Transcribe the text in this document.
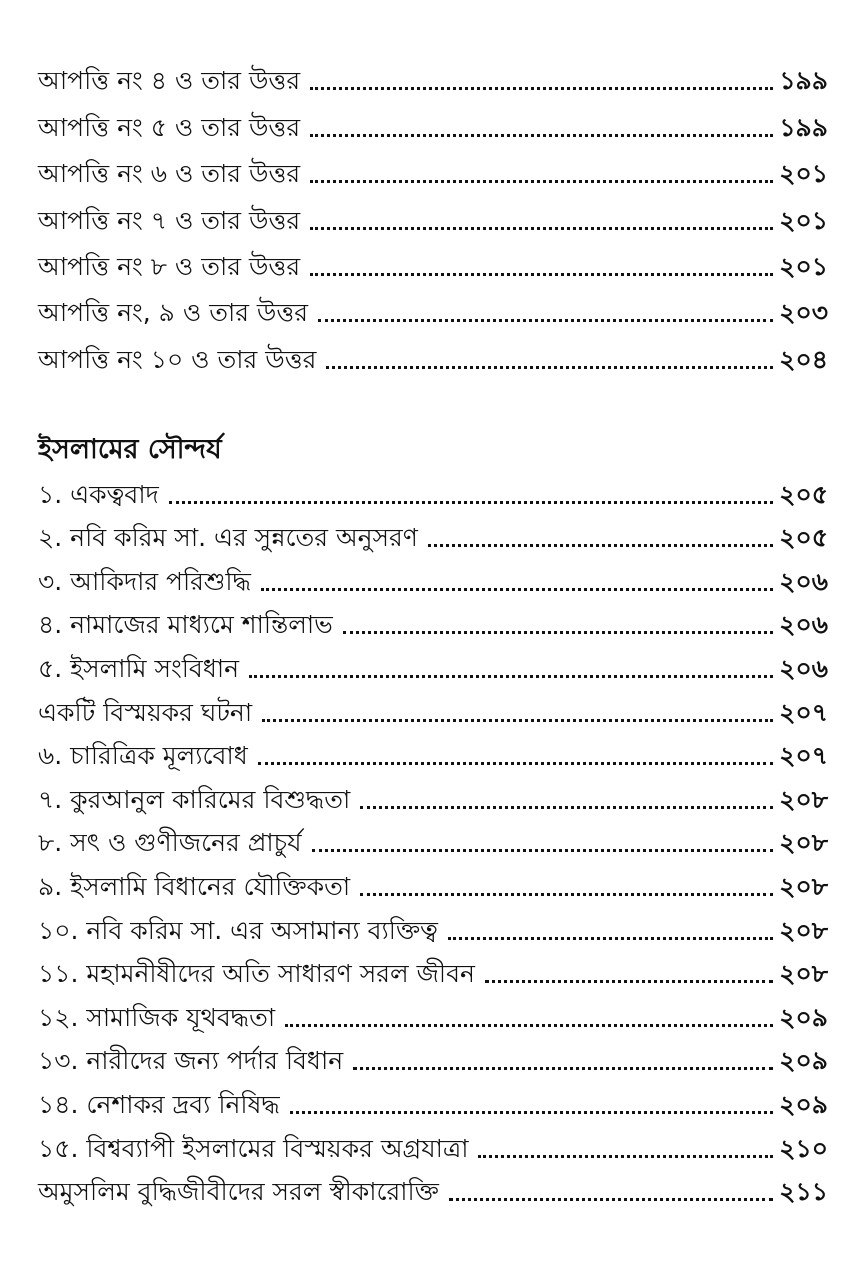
আপত্তি নং ৪ ও তার উত্তর	১৯৯
আপত্তি নং ৫ ও তার উত্তর	১৯৯
আপত্তি নং ৬ ও তার উত্তর	২০১
আপত্তি নং ৭ ও তার উত্তর	২০১
আপত্তি নং ৮ ও তার উত্তর	২০১
আপত্তি নং, ৯ ও তার উত্তর	২০৩
আপত্তি নং ১০ ও তার উত্তর	২০৪
ইসলামের সৌন্দর্য
১. একত্ববাদ	২০৫
২. নবি করিম সা. এর সুন্নতের অনুসরণ	২০৫
৩. আকিদার পরিশুদ্ধি	২০৬
৪. নামাজের মাধ্যমে শান্তিলাভ	২০৬
৫. ইসলামি সংবিধান	২০৬
একটি বিস্ময়কর ঘটনা	২০৭
৬. চারিত্রিক মূল্যবোধ	২০৭
৭. কুরআনুল কারিমের বিশুদ্ধতা	২০৮
৮. সৎ ও গুণীজনের প্রাচুর্য	২০৮
৯. ইসলামি বিধানের যৌক্তিকতা	২০৮
১০. নবি করিম সা. এর অসামান্য ব্যক্তিত্ব	২০৮
১১. মহামনীষীদের অতি সাধারণ সরল জীবন	২০৮
১২. সামাজিক যূথবদ্ধতা	২০৯
১৩. নারীদের জন্য পর্দার বিধান	২০৯
১৪. নেশাকর দ্রব্য নিষিদ্ধ	২০৯
১৫. বিশ্বব্যাপী ইসলামের বিস্ময়কর অগ্রযাত্রা	২১০
অমুসলিম বুদ্ধিজীবীদের সরল স্বীকারোক্তি	২১১
